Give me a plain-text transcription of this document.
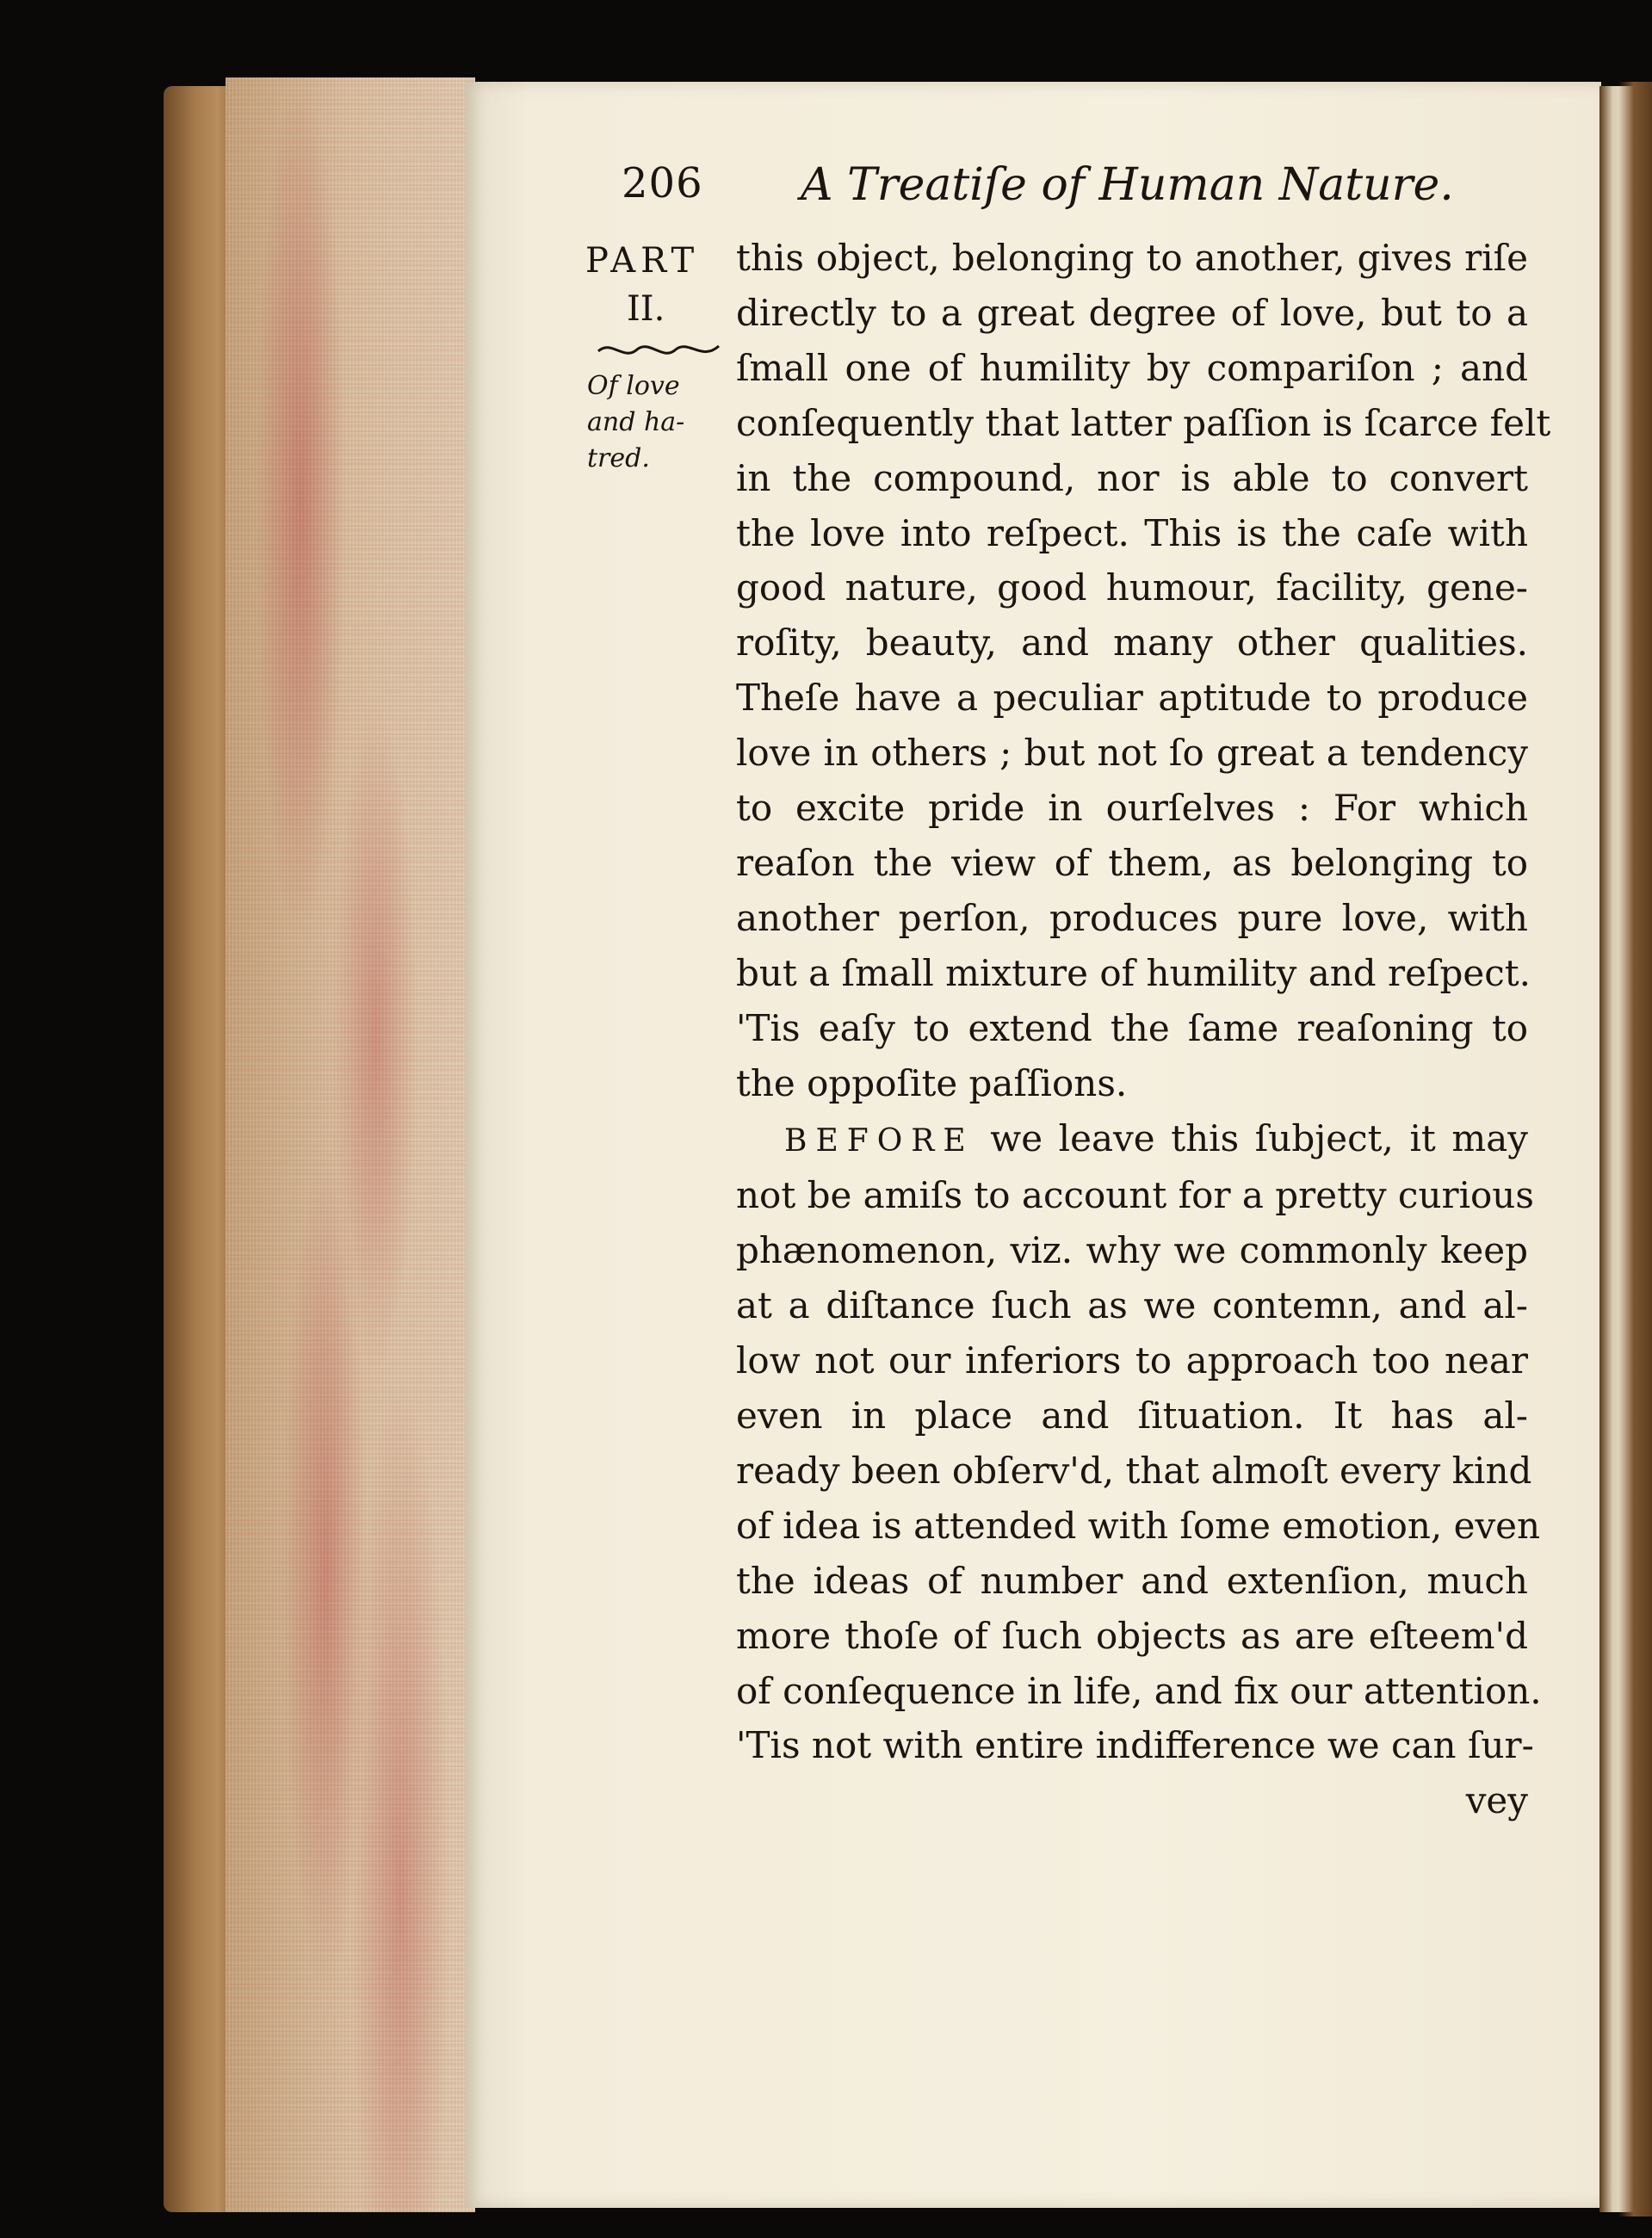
206 A Treatiſe of Human Nature.
PART
II.
Of love
and ha-
tred.
this object, belonging to another, gives riſe
directly to a great degree of love, but to a
ſmall one of humility by compariſon ; and
conſequently that latter paſſion is ſcarce felt
in the compound, nor is able to convert
the love into reſpect. This is the caſe with
good nature, good humour, facility, gene-
roſity, beauty, and many other qualities.
Theſe have a peculiar aptitude to produce
love in others ; but not ſo great a tendency
to excite pride in ourſelves : For which
reaſon the view of them, as belonging to
another perſon, produces pure love, with
but a ſmall mixture of humility and reſpect.
'Tis eaſy to extend the ſame reaſoning to
the oppoſite paſſions.
BEFORE we leave this ſubject, it may
not be amiſs to account for a pretty curious
phænomenon, viz. why we commonly keep
at a diſtance ſuch as we contemn, and al-
low not our inferiors to approach too near
even in place and ſituation. It has al-
ready been obſerv'd, that almoſt every kind
of idea is attended with ſome emotion, even
the ideas of number and extenſion, much
more thoſe of ſuch objects as are eſteem'd
of conſequence in life, and fix our attention.
'Tis not with entire indifference we can ſur-
vey
